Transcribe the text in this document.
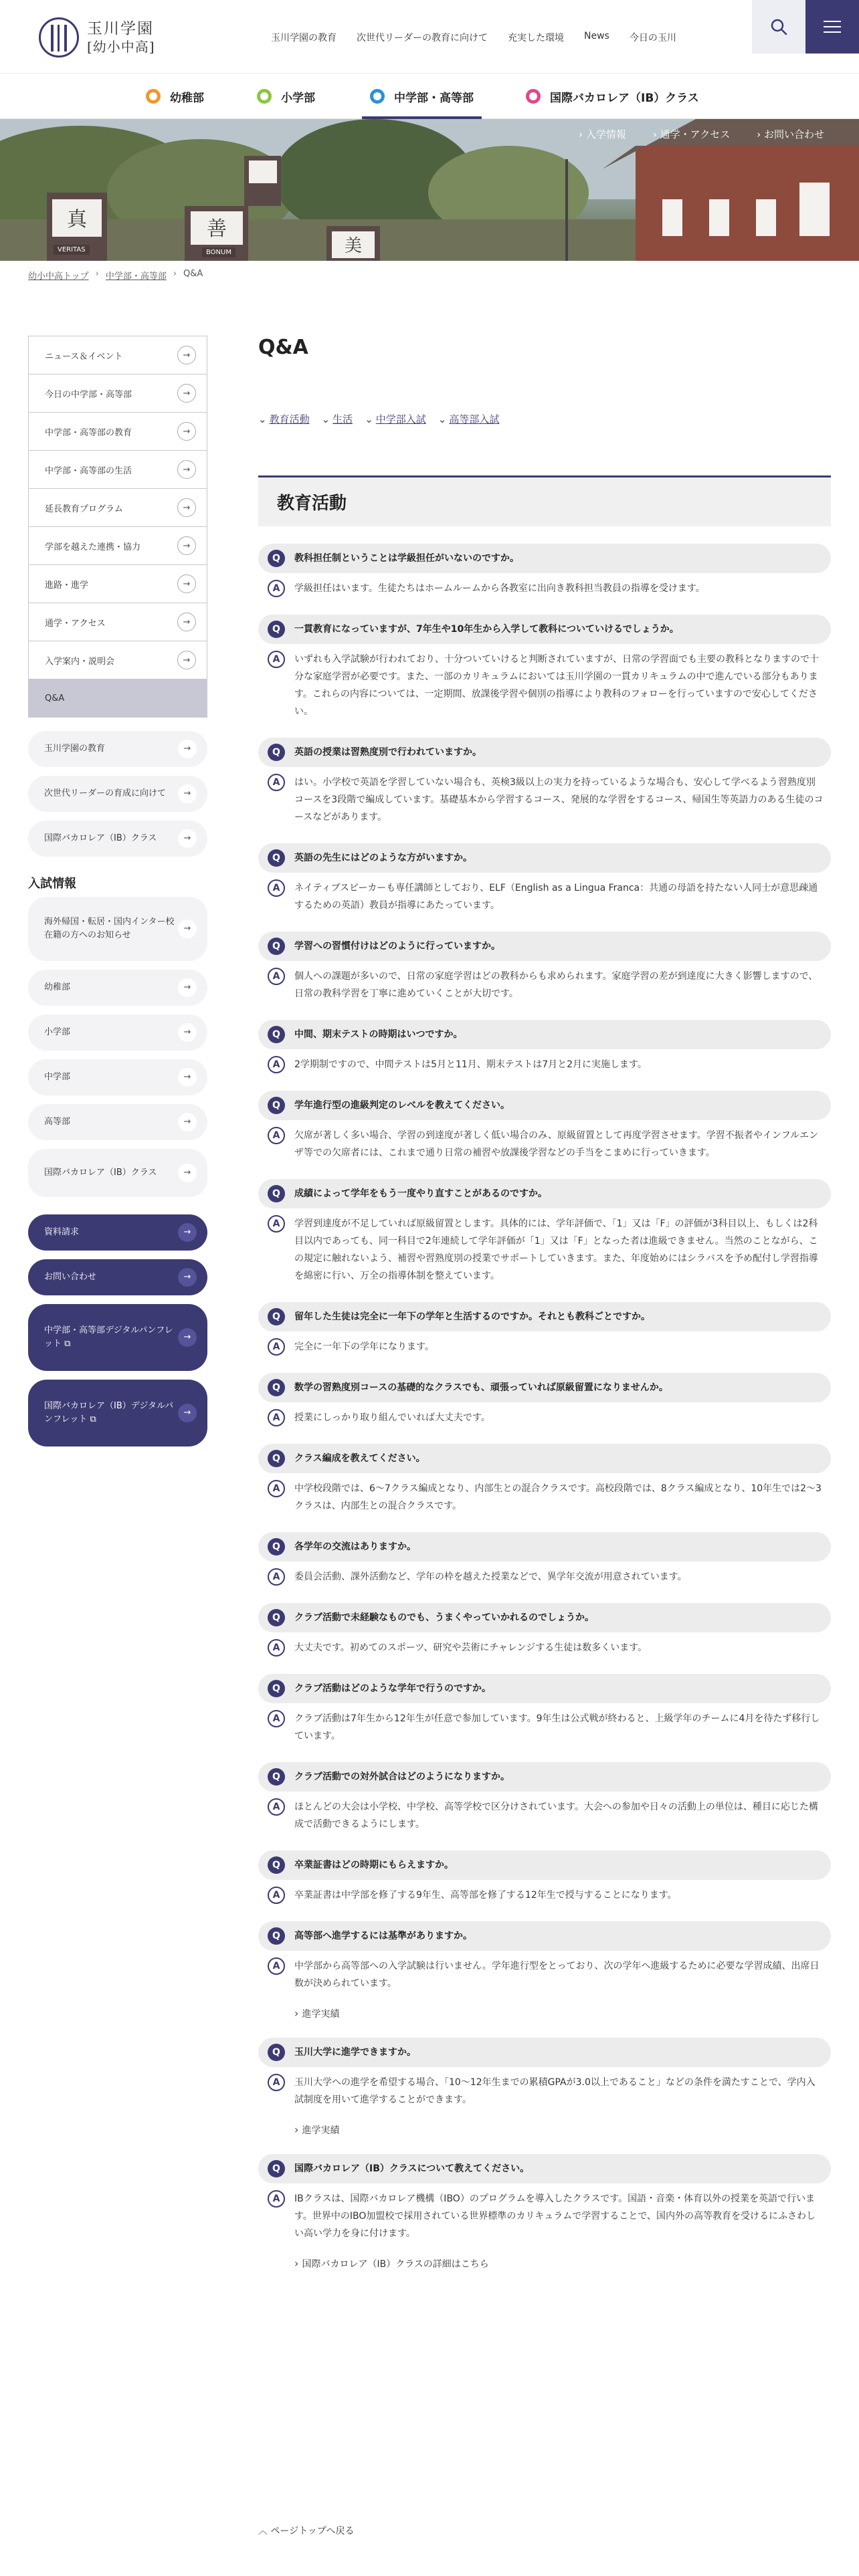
玉川学園
[幼小中高]
玉川学園の教育 次世代リーダーの教育に向けて 充実した環境 News 今日の玉川
幼稚部	小学部	中学部・高等部	国際バカロレア（IB）クラス
真	善
美
VERITAS	BONUM
› 入学情報	› 通学・アクセス	› お問い合わせ
幼小中高トップ › 中学部・高等部 › Q&A
ニュース＆イベント	→
今日の中学部・高等部	→
中学部・高等部の教育	→
中学部・高等部の生活	→
延長教育プログラム	→
学部を越えた連携・協力	→
進路・進学	→
通学・アクセス	→
入学案内・説明会	→
Q&A
玉川学園の教育	→
次世代リーダーの育成に向けて	→
国際バカロレア（IB）クラス	→
入試情報
海外帰国・転居・国内インター校在籍の方へのお知らせ
→
幼稚部	→
小学部	→
中学部	→
高等部	→
国際バカロレア（IB）クラス	→
資料請求	→
お問い合わせ	→
中学部・高等部デジタルパンフレット ⧉
→
国際バカロレア（IB）デジタルパンフレット ⧉
→
Q&A
⌄ 教育活動	⌄ 生活	⌄ 中学部入試	⌄ 高等部入試
教育活動
Q	教科担任制ということは学級担任がいないのですか。
A	学級担任はいます。生徒たちはホームルームから各教室に出向き教科担当教員の指導を受けます。
Q	一貫教育になっていますが、7年生や10年生から入学して教科についていけるでしょうか。
A	いずれも入学試験が行われており、十分ついていけると判断されていますが、日常の学習面でも主要の教科となりますので十分な家庭学習が必要です。また、一部のカリキュラムにおいては玉川学園の一貫カリキュラムの中で進んでいる部分もあります。これらの内容については、一定期間、放課後学習や個別の指導により教科のフォローを行っていますので安心してください。
Q	英語の授業は習熟度別で行われていますか。
A	はい。小学校で英語を学習していない場合も、英検3級以上の実力を持っているような場合も、安心して学べるよう習熟度別コースを3段階で編成しています。基礎基本から学習するコース、発展的な学習をするコース、帰国生等英語力のある生徒のコースなどがあります。
Q	英語の先生にはどのような方がいますか。
A	ネイティブスピーカーも専任講師としており、ELF（English as a Lingua Franca：共通の母語を持たない人同士が意思疎通するための英語）教員が指導にあたっています。
Q	学習への習慣付けはどのように行っていますか。
A	個人への課題が多いので、日常の家庭学習はどの教科からも求められます。家庭学習の差が到達度に大きく影響しますので、日常の教科学習を丁寧に進めていくことが大切です。
Q	中間、期末テストの時期はいつですか。
A	2学期制ですので、中間テストは5月と11月、期末テストは7月と2月に実施します。
Q	学年進行型の進級判定のレベルを教えてください。
A	欠席が著しく多い場合、学習の到達度が著しく低い場合のみ、原級留置として再度学習させます。学習不振者やインフルエンザ等での欠席者には、これまで通り日常の補習や放課後学習などの手当をこまめに行っていきます。
Q	成績によって学年をもう一度やり直すことがあるのですか。
A	学習到達度が不足していれば原級留置とします。具体的には、学年評価で、「1」又は「F」の評価が3科目以上、もしくは2科目以内であっても、同一科目で2年連続して学年評価が「1」又は「F」となった者は進級できません。当然のことながら、この規定に触れないよう、補習や習熟度別の授業でサポートしていきます。また、年度始めにはシラバスを予め配付し学習指導を綿密に行い、万全の指導体制を整えています。
Q	留年した生徒は完全に一年下の学年と生活するのですか。それとも教科ごとですか。
A	完全に一年下の学年になります。
Q	数学の習熟度別コースの基礎的なクラスでも、頑張っていれば原級留置になりませんか。
A	授業にしっかり取り組んでいれば大丈夫です。
Q	クラス編成を教えてください。
A	中学校段階では、6〜7クラス編成となり、内部生との混合クラスです。高校段階では、8クラス編成となり、10年生では2〜3クラスは、内部生との混合クラスです。
Q	各学年の交流はありますか。
A	委員会活動、課外活動など、学年の枠を越えた授業などで、異学年交流が用意されています。
Q	クラブ活動で未経験なものでも、うまくやっていかれるのでしょうか。
A	大丈夫です。初めてのスポーツ、研究や芸術にチャレンジする生徒は数多くいます。
Q	クラブ活動はどのような学年で行うのですか。
A	クラブ活動は7年生から12年生が任意で参加しています。9年生は公式戦が終わると、上級学年のチームに4月を待たず移行しています。
Q	クラブ活動での対外試合はどのようになりますか。
A	ほとんどの大会は小学校、中学校、高等学校で区分けされています。大会への参加や日々の活動上の単位は、種目に応じた構成で活動できるようにします。
Q	卒業証書はどの時期にもらえますか。
A	卒業証書は中学部を修了する9年生、高等部を修了する12年生で授与することになります。
Q	高等部へ進学するには基準がありますか。
A	中学部から高等部への入学試験は行いません。学年進行型をとっており、次の学年へ進級するために必要な学習成績、出席日数が決められています。
› 進学実績
Q	玉川大学に進学できますか。
A	玉川大学への進学を希望する場合、「10〜12年生までの累積GPAが3.0以上であること」などの条件を満たすことで、学内入試制度を用いて進学することができます。
› 進学実績
Q	国際バカロレア（IB）クラスについて教えてください。
A	IBクラスは、国際バカロレア機構（IBO）のプログラムを導入したクラスです。国語・音楽・体育以外の授業を英語で行います。世界中のIBO加盟校で採用されている世界標準のカリキュラムで学習することで、国内外の高等教育を受けるにふさわしい高い学力を身に付けます。
› 国際バカロレア（IB）クラスの詳細はこちら
︿ ページトップへ戻る
